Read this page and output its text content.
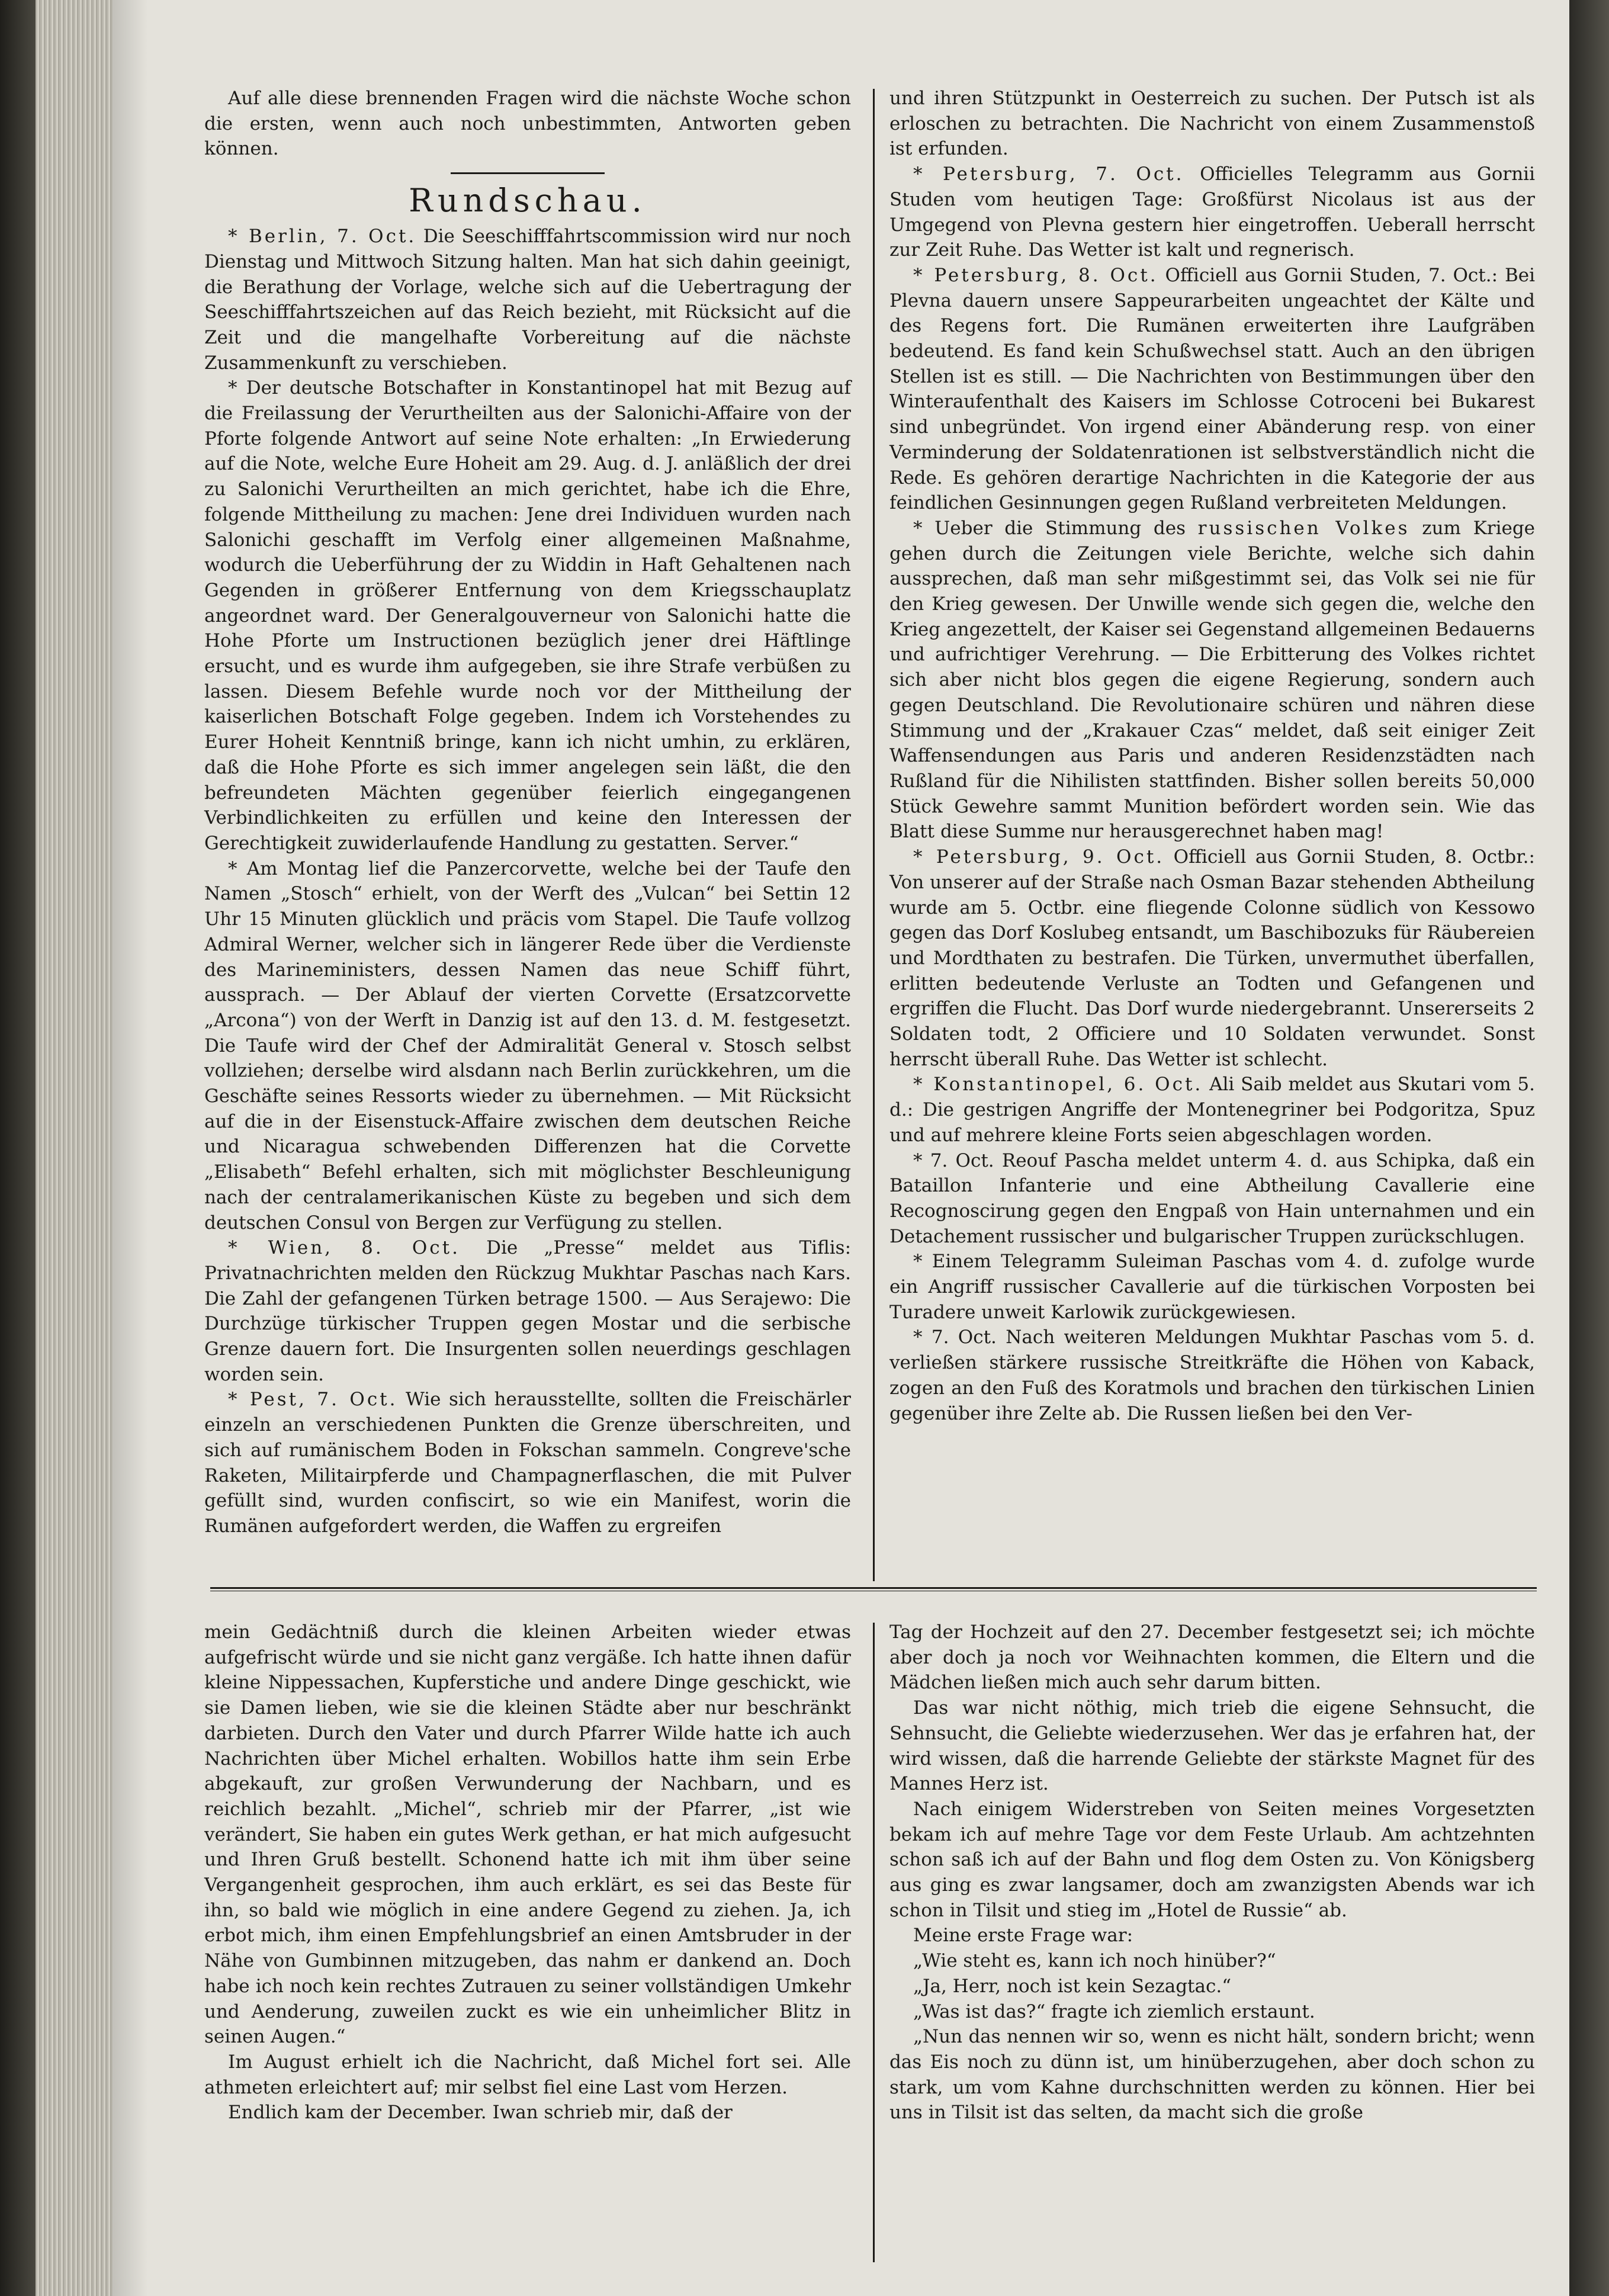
Auf alle diese brennenden Fragen wird die nächste Woche schon die ersten, wenn auch noch unbestimmten, Antworten geben können.

Rundschau.

* Berlin, 7. Oct. Die Seeschifffahrtscommission wird nur noch Dienstag und Mittwoch Sitzung halten. Man hat sich dahin geeinigt, die Berathung der Vorlage, welche sich auf die Uebertragung der Seeschifffahrtszeichen auf das Reich bezieht, mit Rücksicht auf die Zeit und die mangelhafte Vorbereitung auf die nächste Zusammenkunft zu verschieben.

* Der deutsche Botschafter in Konstantinopel hat mit Bezug auf die Freilassung der Verurtheilten aus der Salonichi-Affaire von der Pforte folgende Antwort auf seine Note erhalten: „In Erwiederung auf die Note, welche Eure Hoheit am 29. Aug. d. J. anläßlich der drei zu Salonichi Verurtheilten an mich gerichtet, habe ich die Ehre, folgende Mittheilung zu machen: Jene drei Individuen wurden nach Salonichi geschafft im Verfolg einer allgemeinen Maßnahme, wodurch die Ueberführung der zu Widdin in Haft Gehaltenen nach Gegenden in größerer Entfernung von dem Kriegsschauplatz angeordnet ward. Der Generalgouverneur von Salonichi hatte die Hohe Pforte um Instructionen bezüglich jener drei Häftlinge ersucht, und es wurde ihm aufgegeben, sie ihre Strafe verbüßen zu lassen. Diesem Befehle wurde noch vor der Mittheilung der kaiserlichen Botschaft Folge gegeben. Indem ich Vorstehendes zu Eurer Hoheit Kenntniß bringe, kann ich nicht umhin, zu erklären, daß die Hohe Pforte es sich immer angelegen sein läßt, die den befreundeten Mächten gegenüber feierlich eingegangenen Verbindlichkeiten zu erfüllen und keine den Interessen der Gerechtigkeit zuwiderlaufende Handlung zu gestatten. Server.“

* Am Montag lief die Panzercorvette, welche bei der Taufe den Namen „Stosch“ erhielt, von der Werft des „Vulcan“ bei Settin 12 Uhr 15 Minuten glücklich und präcis vom Stapel. Die Taufe vollzog Admiral Werner, welcher sich in längerer Rede über die Verdienste des Marineministers, dessen Namen das neue Schiff führt, aussprach. — Der Ablauf der vierten Corvette (Ersatzcorvette „Arcona“) von der Werft in Danzig ist auf den 13. d. M. festgesetzt. Die Taufe wird der Chef der Admiralität General v. Stosch selbst vollziehen; derselbe wird alsdann nach Berlin zurückkehren, um die Geschäfte seines Ressorts wieder zu übernehmen. — Mit Rücksicht auf die in der Eisenstuck-Affaire zwischen dem deutschen Reiche und Nicaragua schwebenden Differenzen hat die Corvette „Elisabeth“ Befehl erhalten, sich mit möglichster Beschleunigung nach der centralamerikanischen Küste zu begeben und sich dem deutschen Consul von Bergen zur Verfügung zu stellen.

* Wien, 8. Oct. Die „Presse“ meldet aus Tiflis: Privatnachrichten melden den Rückzug Mukhtar Paschas nach Kars. Die Zahl der gefangenen Türken betrage 1500. — Aus Serajewo: Die Durchzüge türkischer Truppen gegen Mostar und die serbische Grenze dauern fort. Die Insurgenten sollen neuerdings geschlagen worden sein.

* Pest, 7. Oct. Wie sich herausstellte, sollten die Freischärler einzeln an verschiedenen Punkten die Grenze überschreiten, und sich auf rumänischem Boden in Fokschan sammeln. Congreve'sche Raketen, Militairpferde und Champagnerflaschen, die mit Pulver gefüllt sind, wurden confiscirt, so wie ein Manifest, worin die Rumänen aufgefordert werden, die Waffen zu ergreifen

und ihren Stützpunkt in Oesterreich zu suchen. Der Putsch ist als erloschen zu betrachten. Die Nachricht von einem Zusammenstoß ist erfunden.

* Petersburg, 7. Oct. Officielles Telegramm aus Gornii Studen vom heutigen Tage: Großfürst Nicolaus ist aus der Umgegend von Plevna gestern hier eingetroffen. Ueberall herrscht zur Zeit Ruhe. Das Wetter ist kalt und regnerisch.

* Petersburg, 8. Oct. Officiell aus Gornii Studen, 7. Oct.: Bei Plevna dauern unsere Sappeurarbeiten ungeachtet der Kälte und des Regens fort. Die Rumänen erweiterten ihre Laufgräben bedeutend. Es fand kein Schußwechsel statt. Auch an den übrigen Stellen ist es still. — Die Nachrichten von Bestimmungen über den Winteraufenthalt des Kaisers im Schlosse Cotroceni bei Bukarest sind unbegründet. Von irgend einer Abänderung resp. von einer Verminderung der Soldatenrationen ist selbstverständlich nicht die Rede. Es gehören derartige Nachrichten in die Kategorie der aus feindlichen Gesinnungen gegen Rußland verbreiteten Meldungen.

* Ueber die Stimmung des russischen Volkes zum Kriege gehen durch die Zeitungen viele Berichte, welche sich dahin aussprechen, daß man sehr mißgestimmt sei, das Volk sei nie für den Krieg gewesen. Der Unwille wende sich gegen die, welche den Krieg angezettelt, der Kaiser sei Gegenstand allgemeinen Bedauerns und aufrichtiger Verehrung. — Die Erbitterung des Volkes richtet sich aber nicht blos gegen die eigene Regierung, sondern auch gegen Deutschland. Die Revolutionaire schüren und nähren diese Stimmung und der „Krakauer Czas“ meldet, daß seit einiger Zeit Waffensendungen aus Paris und anderen Residenzstädten nach Rußland für die Nihilisten stattfinden. Bisher sollen bereits 50,000 Stück Gewehre sammt Munition befördert worden sein. Wie das Blatt diese Summe nur herausgerechnet haben mag!

* Petersburg, 9. Oct. Officiell aus Gornii Studen, 8. Octbr.: Von unserer auf der Straße nach Osman Bazar stehenden Abtheilung wurde am 5. Octbr. eine fliegende Colonne südlich von Kessowo gegen das Dorf Koslubeg entsandt, um Baschibozuks für Räubereien und Mordthaten zu bestrafen. Die Türken, unvermuthet überfallen, erlitten bedeutende Verluste an Todten und Gefangenen und ergriffen die Flucht. Das Dorf wurde niedergebrannt. Unsererseits 2 Soldaten todt, 2 Officiere und 10 Soldaten verwundet. Sonst herrscht überall Ruhe. Das Wetter ist schlecht.

* Konstantinopel, 6. Oct. Ali Saib meldet aus Skutari vom 5. d.: Die gestrigen Angriffe der Montenegriner bei Podgoritza, Spuz und auf mehrere kleine Forts seien abgeschlagen worden.

* 7. Oct. Reouf Pascha meldet unterm 4. d. aus Schipka, daß ein Bataillon Infanterie und eine Abtheilung Cavallerie eine Recognoscirung gegen den Engpaß von Hain unternahmen und ein Detachement russischer und bulgarischer Truppen zurückschlugen.

* Einem Telegramm Suleiman Paschas vom 4. d. zufolge wurde ein Angriff russischer Cavallerie auf die türkischen Vorposten bei Turadere unweit Karlowik zurückgewiesen.

* 7. Oct. Nach weiteren Meldungen Mukhtar Paschas vom 5. d. verließen stärkere russische Streitkräfte die Höhen von Kaback, zogen an den Fuß des Koratmols und brachen den türkischen Linien gegenüber ihre Zelte ab. Die Russen ließen bei den Ver-

mein Gedächtniß durch die kleinen Arbeiten wieder etwas aufgefrischt würde und sie nicht ganz vergäße. Ich hatte ihnen dafür kleine Nippessachen, Kupferstiche und andere Dinge geschickt, wie sie Damen lieben, wie sie die kleinen Städte aber nur beschränkt darbieten. Durch den Vater und durch Pfarrer Wilde hatte ich auch Nachrichten über Michel erhalten. Wobillos hatte ihm sein Erbe abgekauft, zur großen Verwunderung der Nachbarn, und es reichlich bezahlt. „Michel“, schrieb mir der Pfarrer, „ist wie verändert, Sie haben ein gutes Werk gethan, er hat mich aufgesucht und Ihren Gruß bestellt. Schonend hatte ich mit ihm über seine Vergangenheit gesprochen, ihm auch erklärt, es sei das Beste für ihn, so bald wie möglich in eine andere Gegend zu ziehen. Ja, ich erbot mich, ihm einen Empfehlungsbrief an einen Amtsbruder in der Nähe von Gumbinnen mitzugeben, das nahm er dankend an. Doch habe ich noch kein rechtes Zutrauen zu seiner vollständigen Umkehr und Aenderung, zuweilen zuckt es wie ein unheimlicher Blitz in seinen Augen.“

Im August erhielt ich die Nachricht, daß Michel fort sei. Alle athmeten erleichtert auf; mir selbst fiel eine Last vom Herzen.

Endlich kam der December. Iwan schrieb mir, daß der

Tag der Hochzeit auf den 27. December festgesetzt sei; ich möchte aber doch ja noch vor Weihnachten kommen, die Eltern und die Mädchen ließen mich auch sehr darum bitten.

Das war nicht nöthig, mich trieb die eigene Sehnsucht, die Sehnsucht, die Geliebte wiederzusehen. Wer das je erfahren hat, der wird wissen, daß die harrende Geliebte der stärkste Magnet für des Mannes Herz ist.

Nach einigem Widerstreben von Seiten meines Vorgesetzten bekam ich auf mehre Tage vor dem Feste Urlaub. Am achtzehnten schon saß ich auf der Bahn und flog dem Osten zu. Von Königsberg aus ging es zwar langsamer, doch am zwanzigsten Abends war ich schon in Tilsit und stieg im „Hotel de Russie“ ab.

Meine erste Frage war:

„Wie steht es, kann ich noch hinüber?“

„Ja, Herr, noch ist kein Sezagtac.“

„Was ist das?“ fragte ich ziemlich erstaunt.

„Nun das nennen wir so, wenn es nicht hält, sondern bricht; wenn das Eis noch zu dünn ist, um hinüberzugehen, aber doch schon zu stark, um vom Kahne durchschnitten werden zu können. Hier bei uns in Tilsit ist das selten, da macht sich die große
